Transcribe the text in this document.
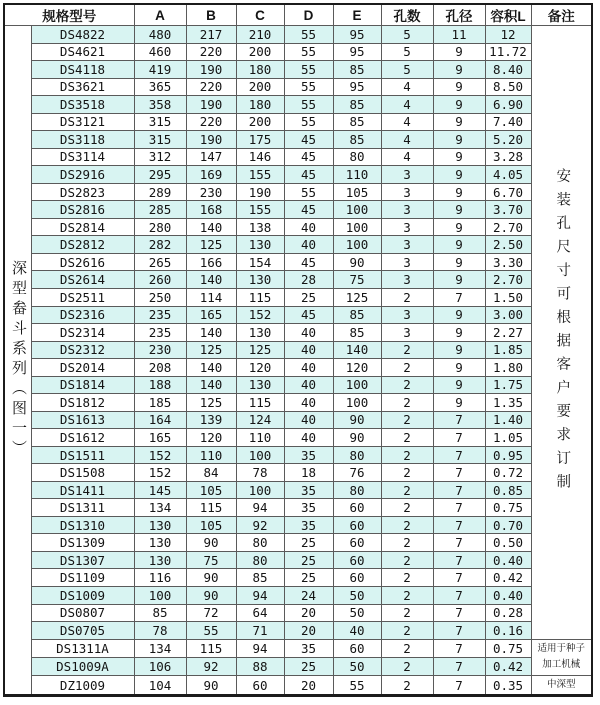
规格型号		A	B	C	D	E	孔数	孔径	容积L	备注
深型畚斗系列（图一）	DS4822	480	217	210	55	95	5	11	12	安装孔尺寸可根据客户要求订制
	DS4621	460	220	200	55	95	5	9	11.72	
	DS4118	419	190	180	55	85	5	9	8.40	
	DS3621	365	220	200	55	95	4	9	8.50	
	DS3518	358	190	180	55	85	4	9	6.90	
	DS3121	315	220	200	55	85	4	9	7.40	
	DS3118	315	190	175	45	85	4	9	5.20	
	DS3114	312	147	146	45	80	4	9	3.28	
	DS2916	295	169	155	45	110	3	9	4.05	
	DS2823	289	230	190	55	105	3	9	6.70	
	DS2816	285	168	155	45	100	3	9	3.70	
	DS2814	280	140	138	40	100	3	9	2.70	
	DS2812	282	125	130	40	100	3	9	2.50	
	DS2616	265	166	154	45	90	3	9	3.30	
	DS2614	260	140	130	28	75	3	9	2.70	
	DS2511	250	114	115	25	125	2	7	1.50	
	DS2316	235	165	152	45	85	3	9	3.00	
	DS2314	235	140	130	40	85	3	9	2.27	
	DS2312	230	125	125	40	140	2	9	1.85	
	DS2014	208	140	120	40	120	2	9	1.80	
	DS1814	188	140	130	40	100	2	9	1.75	
	DS1812	185	125	115	40	100	2	9	1.35	
	DS1613	164	139	124	40	90	2	7	1.40	
	DS1612	165	120	110	40	90	2	7	1.05	
	DS1511	152	110	100	35	80	2	7	0.95	
	DS1508	152	84	78	18	76	2	7	0.72	
	DS1411	145	105	100	35	80	2	7	0.85	
	DS1311	134	115	94	35	60	2	7	0.75	
	DS1310	130	105	92	35	60	2	7	0.70	
	DS1309	130	90	80	25	60	2	7	0.50	
	DS1307	130	75	80	25	60	2	7	0.40	
	DS1109	116	90	85	25	60	2	7	0.42	
	DS1009	100	90	94	24	50	2	7	0.40	
	DS0807	85	72	64	20	50	2	7	0.28	
	DS0705	78	55	71	20	40	2	7	0.16	
	DS1311A	134	115	94	35	60	2	7	0.75	适用于种子
加工机械

	DS1009A	106	92	88	25	50	2	7	0.42	
	DZ1009	104	90	60	20	55	2	7	0.35	中深型
